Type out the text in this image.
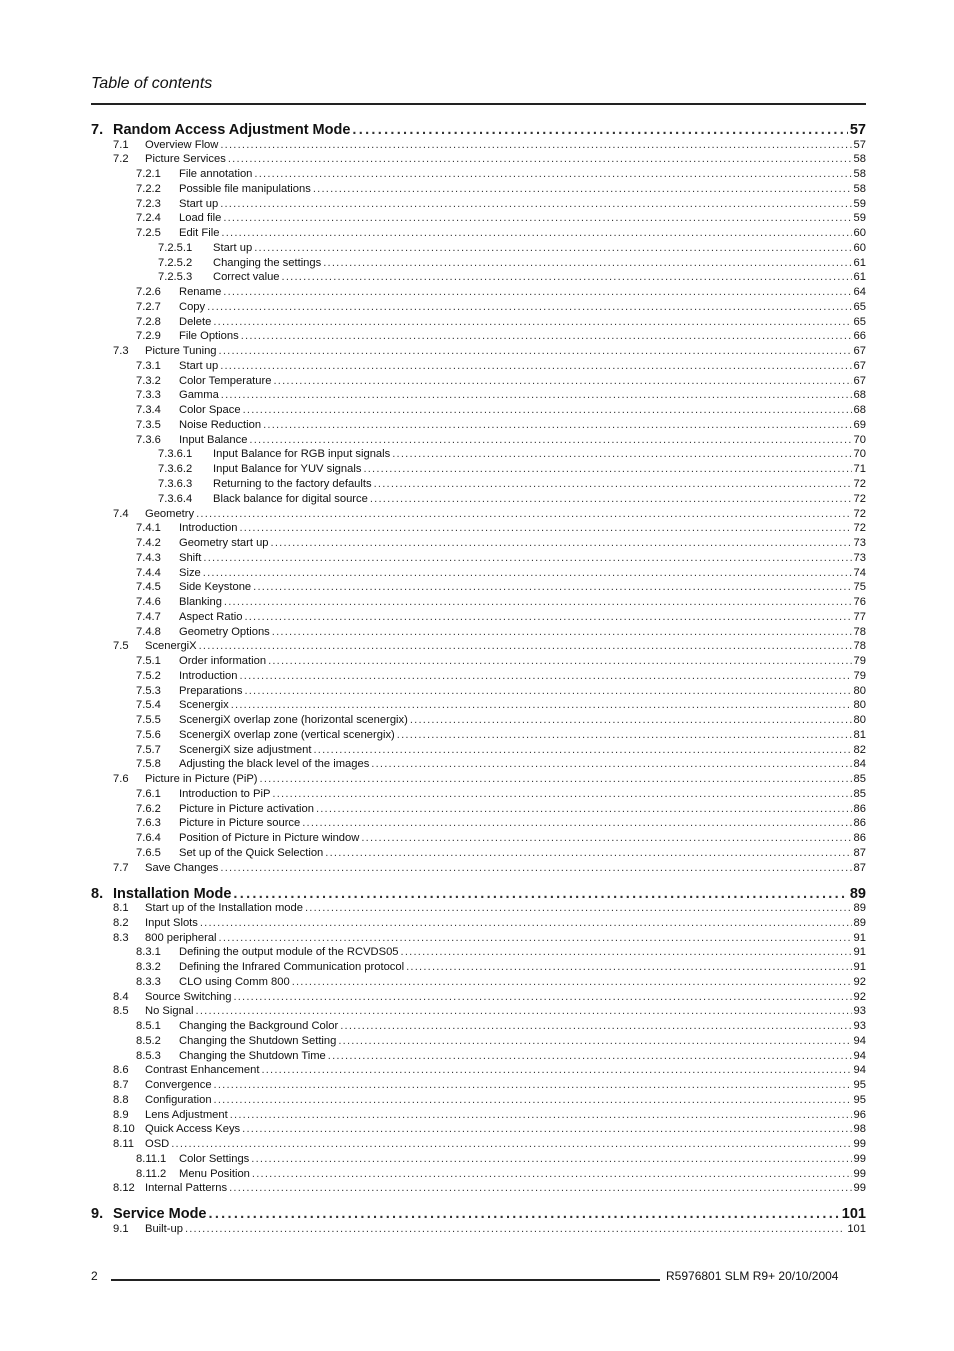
Table of contents
7. Random Access Adjustment Mode .....	57
7.1	Overview Flow .....	57
7.2	Picture Services .....	58
7.2.1	File annotation .....	58
7.2.2	Possible file manipulations .....	58
7.2.3	Start up .....	59
7.2.4	Load file .....	59
7.2.5	Edit File .....	60
7.2.5.1	Start up .....	60
7.2.5.2	Changing the settings .....	61
7.2.5.3	Correct value .....	61
7.2.6	Rename .....	64
7.2.7	Copy .....	65
7.2.8	Delete .....	65
7.2.9	File Options .....	66
7.3	Picture Tuning .....	67
7.3.1	Start up .....	67
7.3.2	Color Temperature .....	67
7.3.3	Gamma .....	68
7.3.4	Color Space .....	68
7.3.5	Noise Reduction .....	69
7.3.6	Input Balance .....	70
7.3.6.1	Input Balance for RGB input signals .....	70
7.3.6.2	Input Balance for YUV signals .....	71
7.3.6.3	Returning to the factory defaults .....	72
7.3.6.4	Black balance for digital source .....	72
7.4	Geometry .....	72
7.4.1	Introduction .....	72
7.4.2	Geometry start up .....	73
7.4.3	Shift .....	73
7.4.4	Size .....	74
7.4.5	Side Keystone .....	75
7.4.6	Blanking .....	76
7.4.7	Aspect Ratio .....	77
7.4.8	Geometry Options .....	78
7.5	ScenergiX .....	78
7.5.1	Order information .....	79
7.5.2	Introduction .....	79
7.5.3	Preparations .....	80
7.5.4	Scenergix .....	80
7.5.5	ScenergiX overlap zone (horizontal scenergix) .....	80
7.5.6	ScenergiX overlap zone (vertical scenergix) .....	81
7.5.7	ScenergiX size adjustment .....	82
7.5.8	Adjusting the black level of the images .....	84
7.6	Picture in Picture (PiP) .....	85
7.6.1	Introduction to PiP .....	85
7.6.2	Picture in Picture activation .....	86
7.6.3	Picture in Picture source .....	86
7.6.4	Position of Picture in Picture window .....	86
7.6.5	Set up of the Quick Selection .....	87
7.7	Save Changes .....	87
8. Installation Mode .....	89
8.1	Start up of the Installation mode .....	89
8.2	Input Slots .....	89
8.3	800 peripheral .....	91
8.3.1	Defining the output module of the RCVDS05 .....	91
8.3.2	Defining the Infrared Communication protocol .....	91
8.3.3	CLO using Comm 800 .....	92
8.4	Source Switching .....	92
8.5	No Signal .....	93
8.5.1	Changing the Background Color .....	93
8.5.2	Changing the Shutdown Setting .....	94
8.5.3	Changing the Shutdown Time .....	94
8.6	Contrast Enhancement .....	94
8.7	Convergence .....	95
8.8	Configuration .....	95
8.9	Lens Adjustment .....	96
8.10 Quick Access Keys .....	98
8.11 OSD .....	99
8.11.1	Color Settings .....	99
8.11.2	Menu Position .....	99
8.12 Internal Patterns .....	99
9. Service Mode .....	101
9.1	Built-up .....	101
2	R5976801 SLM R9+ 20/10/2004
